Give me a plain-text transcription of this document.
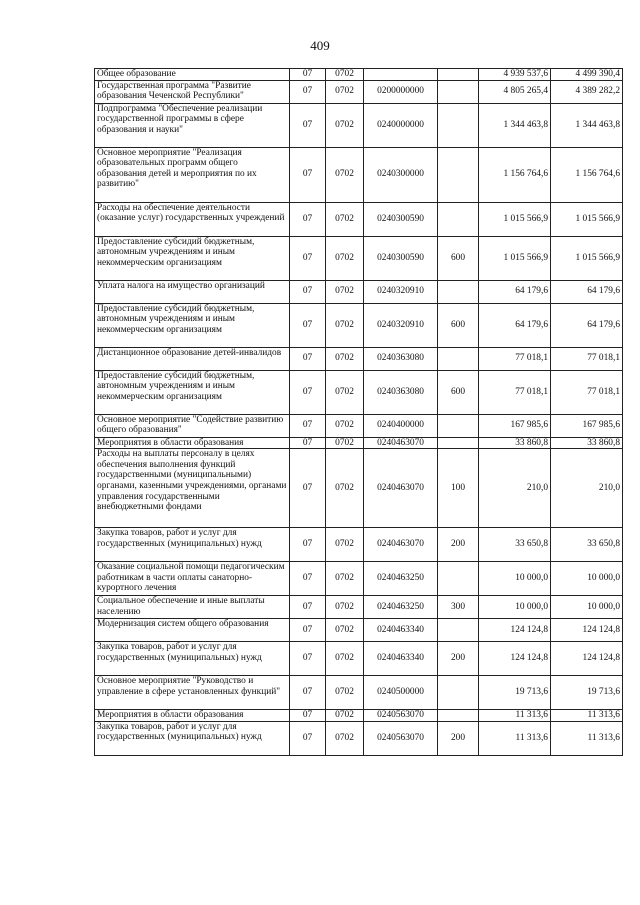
409
Общее образование	07	0702			4 939 537,6	4 499 390,4
Государственная программа "Развитие образования Чеченской Республики"	07	0702	0200000000		4 805 265,4	4 389 282,2
Подпрограмма "Обеспечение реализации государственной программы в сфере образования и науки"	07	0702	0240000000		1 344 463,8	1 344 463,8
Основное мероприятие "Реализация образовательных программ общего образования детей и мероприятия по их развитию"	07	0702	0240300000		1 156 764,6	1 156 764,6
Расходы на обеспечение деятельности (оказание услуг) государственных учреждений	07	0702	0240300590		1 015 566,9	1 015 566,9
Предоставление субсидий бюджетным, автономным учреждениям и иным некоммерческим организациям	07	0702	0240300590	600	1 015 566,9	1 015 566,9
Уплата налога на имущество организаций	07	0702	0240320910		64 179,6	64 179,6
Предоставление субсидий бюджетным, автономным учреждениям и иным некоммерческим организациям	07	0702	0240320910	600	64 179,6	64 179,6
Дистанционное образование детей-инвалидов	07	0702	0240363080		77 018,1	77 018,1
Предоставление субсидий бюджетным, автономным учреждениям и иным некоммерческим организациям	07	0702	0240363080	600	77 018,1	77 018,1
Основное мероприятие "Содействие развитию общего образования"	07	0702	0240400000		167 985,6	167 985,6
Мероприятия в области образования	07	0702	0240463070		33 860,8	33 860,8
Расходы на выплаты персоналу в целях обеспечения выполнения функций государственными (муниципальными) органами, казенными учреждениями, органами управления государственными внебюджетными фондами	07	0702	0240463070	100	210,0	210,0
Закупка товаров, работ и услуг для государственных (муниципальных) нужд	07	0702	0240463070	200	33 650,8	33 650,8
Оказание социальной помощи педагогическим работникам в части оплаты санаторно-курортного лечения	07	0702	0240463250		10 000,0	10 000,0
Социальное обеспечение и иные выплаты населению	07	0702	0240463250	300	10 000,0	10 000,0
Модернизация систем общего образования	07	0702	0240463340		124 124,8	124 124,8
Закупка товаров, работ и услуг для государственных (муниципальных) нужд	07	0702	0240463340	200	124 124,8	124 124,8
Основное мероприятие "Руководство и управление в сфере установленных функций"	07	0702	0240500000		19 713,6	19 713,6
Мероприятия в области образования	07	0702	0240563070		11 313,6	11 313,6
Закупка товаров, работ и услуг для государственных (муниципальных) нужд	07	0702	0240563070	200	11 313,6	11 313,6
